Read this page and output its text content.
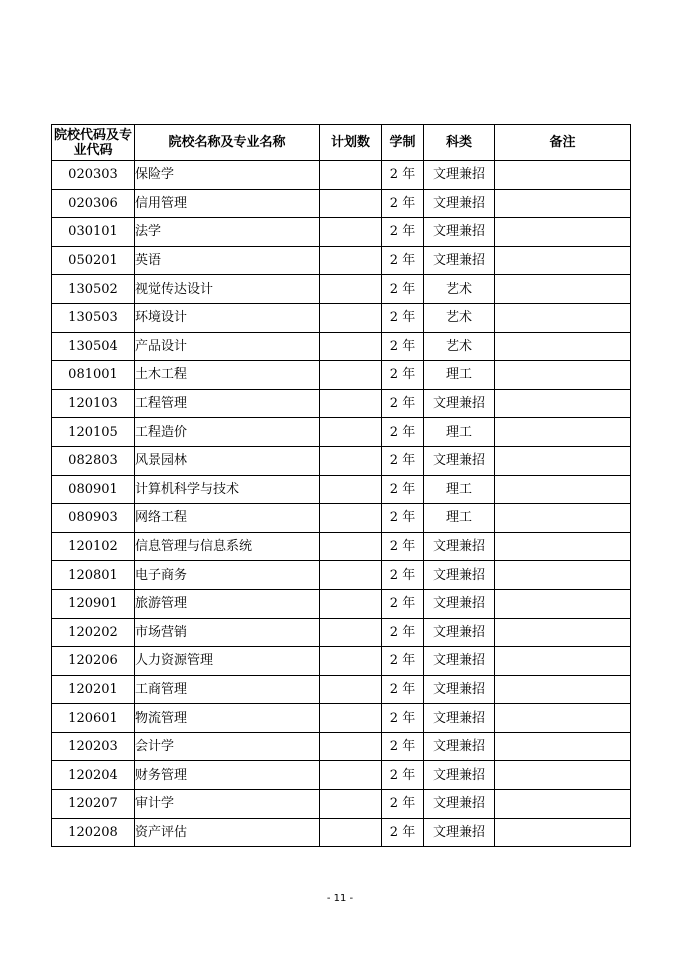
院校代码及专业代码	院校名称及专业名称	计划数	学制	科类	备注
020303	保险学		2 年	文理兼招	
020306	信用管理		2 年	文理兼招	
030101	法学		2 年	文理兼招	
050201	英语		2 年	文理兼招	
130502	视觉传达设计		2 年	艺术	
130503	环境设计		2 年	艺术	
130504	产品设计		2 年	艺术	
081001	土木工程		2 年	理工	
120103	工程管理		2 年	文理兼招	
120105	工程造价		2 年	理工	
082803	风景园林		2 年	文理兼招	
080901	计算机科学与技术		2 年	理工	
080903	网络工程		2 年	理工	
120102	信息管理与信息系统		2 年	文理兼招	
120801	电子商务		2 年	文理兼招	
120901	旅游管理		2 年	文理兼招	
120202	市场营销		2 年	文理兼招	
120206	人力资源管理		2 年	文理兼招	
120201	工商管理		2 年	文理兼招	
120601	物流管理		2 年	文理兼招	
120203	会计学		2 年	文理兼招	
120204	财务管理		2 年	文理兼招	
120207	审计学		2 年	文理兼招	
120208	资产评估		2 年	文理兼招	
- 11 -
